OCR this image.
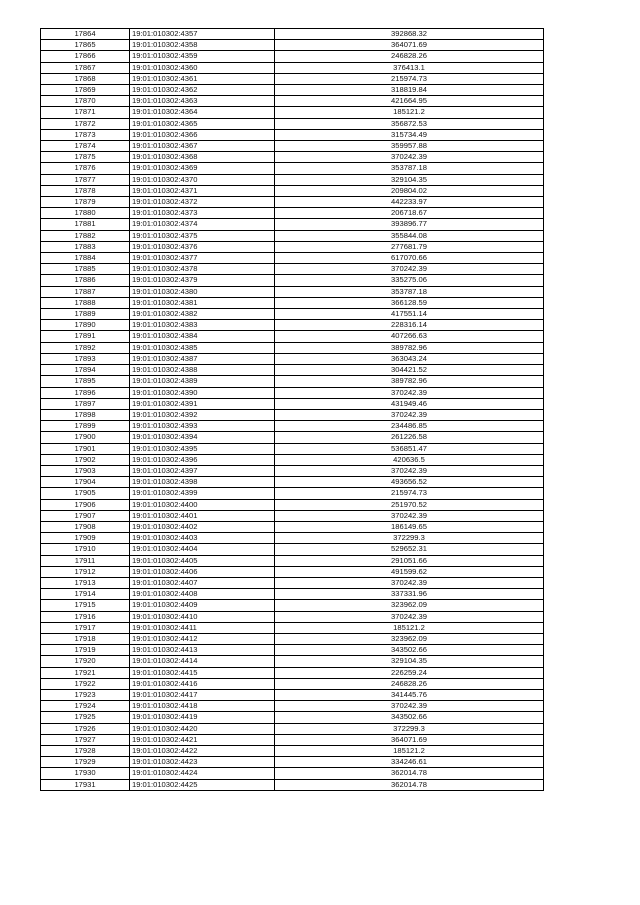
17864	19:01:010302:4357	392868.32
17865	19:01:010302:4358	364071.69
17866	19:01:010302:4359	246828.26
17867	19:01:010302:4360	376413.1
17868	19:01:010302:4361	215974.73
17869	19:01:010302:4362	318819.84
17870	19:01:010302:4363	421664.95
17871	19:01:010302:4364	185121.2
17872	19:01:010302:4365	356872.53
17873	19:01:010302:4366	315734.49
17874	19:01:010302:4367	359957.88
17875	19:01:010302:4368	370242.39
17876	19:01:010302:4369	353787.18
17877	19:01:010302:4370	329104.35
17878	19:01:010302:4371	209804.02
17879	19:01:010302:4372	442233.97
17880	19:01:010302:4373	206718.67
17881	19:01:010302:4374	393896.77
17882	19:01:010302:4375	355844.08
17883	19:01:010302:4376	277681.79
17884	19:01:010302:4377	617070.66
17885	19:01:010302:4378	370242.39
17886	19:01:010302:4379	335275.06
17887	19:01:010302:4380	353787.18
17888	19:01:010302:4381	366128.59
17889	19:01:010302:4382	417551.14
17890	19:01:010302:4383	228316.14
17891	19:01:010302:4384	407266.63
17892	19:01:010302:4385	389782.96
17893	19:01:010302:4387	363043.24
17894	19:01:010302:4388	304421.52
17895	19:01:010302:4389	389782.96
17896	19:01:010302:4390	370242.39
17897	19:01:010302:4391	431949.46
17898	19:01:010302:4392	370242.39
17899	19:01:010302:4393	234486.85
17900	19:01:010302:4394	261226.58
17901	19:01:010302:4395	536851.47
17902	19:01:010302:4396	420636.5
17903	19:01:010302:4397	370242.39
17904	19:01:010302:4398	493656.52
17905	19:01:010302:4399	215974.73
17906	19:01:010302:4400	251970.52
17907	19:01:010302:4401	370242.39
17908	19:01:010302:4402	186149.65
17909	19:01:010302:4403	372299.3
17910	19:01:010302:4404	529652.31
17911	19:01:010302:4405	291051.66
17912	19:01:010302:4406	491599.62
17913	19:01:010302:4407	370242.39
17914	19:01:010302:4408	337331.96
17915	19:01:010302:4409	323962.09
17916	19:01:010302:4410	370242.39
17917	19:01:010302:4411	185121.2
17918	19:01:010302:4412	323962.09
17919	19:01:010302:4413	343502.66
17920	19:01:010302:4414	329104.35
17921	19:01:010302:4415	226259.24
17922	19:01:010302:4416	246828.26
17923	19:01:010302:4417	341445.76
17924	19:01:010302:4418	370242.39
17925	19:01:010302:4419	343502.66
17926	19:01:010302:4420	372299.3
17927	19:01:010302:4421	364071.69
17928	19:01:010302:4422	185121.2
17929	19:01:010302:4423	334246.61
17930	19:01:010302:4424	362014.78
17931	19:01:010302:4425	362014.78
